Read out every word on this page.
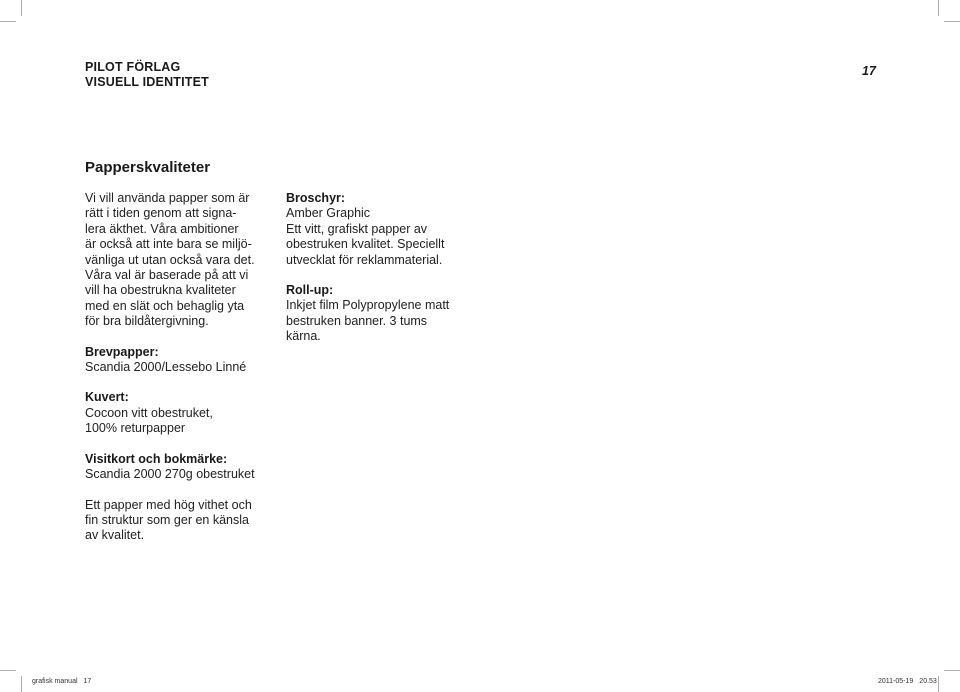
PILOT FÖRLAG
VISUELL IDENTITET
17
Papperskvaliteter

Vi vill använda papper som är
rätt i tiden genom att signa-
lera äkthet. Våra ambitioner
är också att inte bara se miljö-
vänliga ut utan också vara det.
Våra val är baserade på att vi
vill ha obestrukna kvaliteter
med en slät och behaglig yta
för bra bildåtergivning.

Brevpapper:
Scandia 2000/Lessebo Linné

Kuvert:
Cocoon vitt obestruket,
100% returpapper

Visitkort och bokmärke:
Scandia 2000 270g obestruket

Ett papper med hög vithet och
fin struktur som ger en känsla
av kvalitet.

Broschyr:
Amber Graphic
Ett vitt, grafiskt papper av
obestruken kvalitet. Speciellt
utvecklat för reklammaterial.

Roll-up:
Inkjet film Polypropylene matt
bestruken banner. 3 tums
kärna.

grafisk manual 17	2011-05-19 20.53
